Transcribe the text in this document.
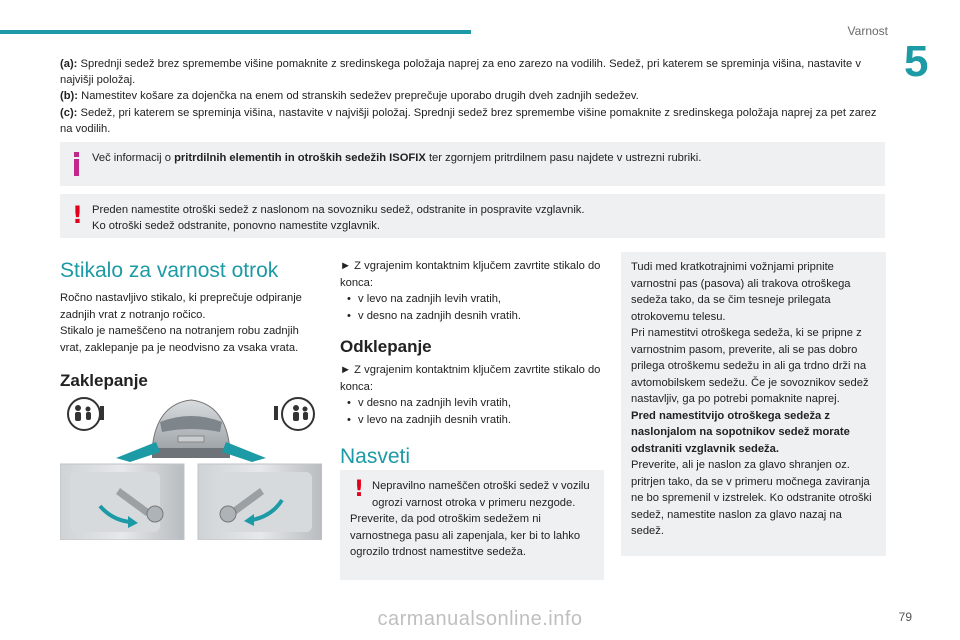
Varnost
5

(a): Sprednji sedež brez spremembe višine pomaknite z sredinskega položaja naprej za eno zarezo na vodilih. Sedež, pri katerem se spreminja višina, nastavite v najvišji položaj.

(b): Namestitev košare za dojenčka na enem od stranskih sedežev preprečuje uporabo drugih dveh zadnjih sedežev.

(c): Sedež, pri katerem se spreminja višina, nastavite v najvišji položaj. Sprednji sedež brez spremembe višine pomaknite z sredinskega položaja naprej za pet zarez na vodilih.

Več informacij o pritrdilnih elementih in otroških sedežih ISOFIX ter zgornjem pritrdilnem pasu najdete v ustrezni rubriki.
! Preden namestite otroški sedež z naslonom na sovozniku sedež, odstranite in pospravite vzglavnik.
Ko otroški sedež odstranite, ponovno namestite vzglavnik.
Stikalo za varnost otrok

Ročno nastavljivo stikalo, ki preprečuje odpiranje zadnjih vrat z notranjo ročico.

Stikalo je nameščeno na notranjem robu zadnjih vrat, zaklepanje pa je neodvisno za vsaka vrata.

Zaklepanje

► Z vgrajenim kontaktnim ključem zavrtite stikalo do konca:

• v levo na zadnjih levih vratih,
• v desno na zadnjih desnih vratih.
Odklepanje

► Z vgrajenim kontaktnim ključem zavrtite stikalo do konca:

• v desno na zadnjih levih vratih,
• v levo na zadnjih desnih vratih.
Nasveti
! Nepravilno nameščen otroški sedež v vozilu ogrozi varnost otroka v primeru nezgode.

Preverite, da pod otroškim sedežem ni varnostnega pasu ali zapenjala, ker bi to lahko ogrozilo trdnost namestitve sedeža.

Tudi med kratkotrajnimi vožnjami pripnite varnostni pas (pasova) ali trakova otroškega sedeža tako, da se čim tesneje prilegata otrokovemu telesu.

Pri namestitvi otroškega sedeža, ki se pripne z varnostnim pasom, preverite, ali se pas dobro prilega otroškemu sedežu in ali ga trdno drži na avtomobilskem sedežu. Če je sovoznikov sedež nastavljiv, ga po potrebi pomaknite naprej.

Pred namestitvijo otroškega sedeža z naslonjalom na sopotnikov sedež morate odstraniti vzglavnik sedeža.

Preverite, ali je naslon za glavo shranjen oz. pritrjen tako, da se v primeru močnega zaviranja ne bo spremenil v izstrelek. Ko odstranite otroški sedež, namestite naslon za glavo nazaj na sedež.

79
carmanualsonline.info
